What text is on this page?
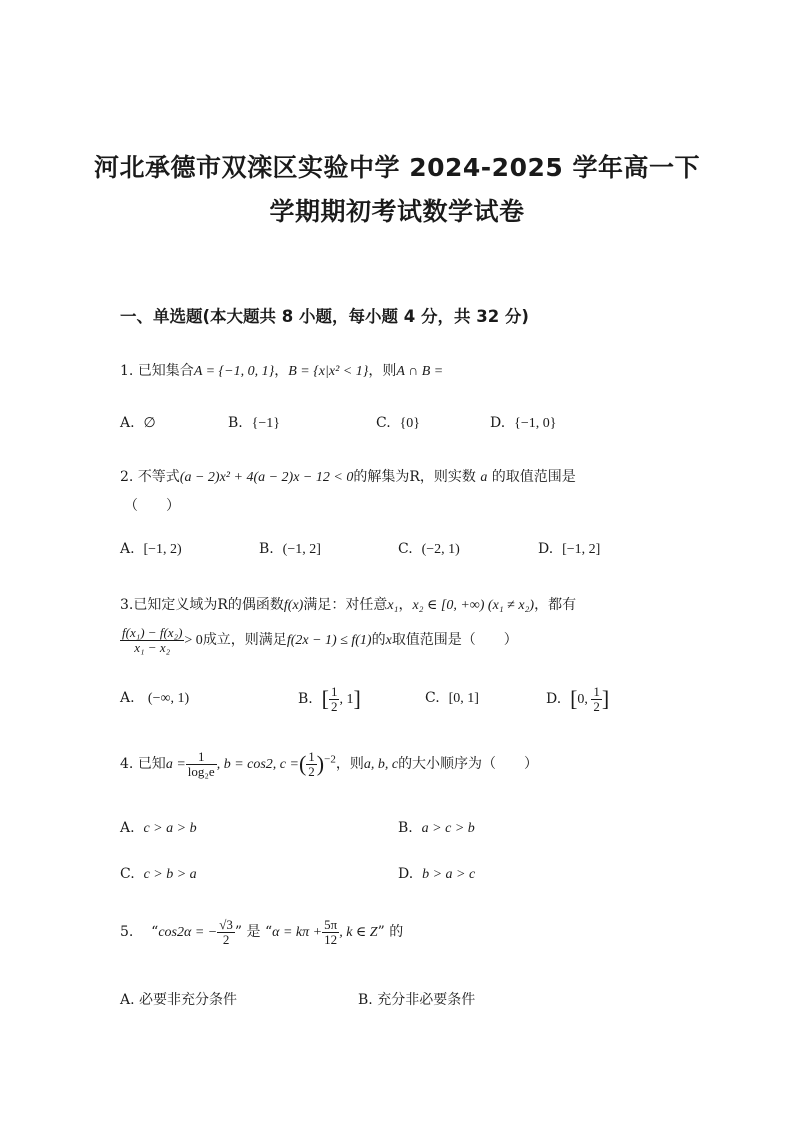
河北承德市双滦区实验中学 2024-2025 学年高一下
学期期初考试数学试卷
一、单选题(本大题共 8 小题，每小题 4 分，共 32 分)
1. 已知集合A = {−1, 0, 1}，B = {x|x² < 1}，则A ∩ B =
A. ∅	B. {−1}	C. {0}	D. {−1, 0}
2. 不等式(a − 2)x² + 4(a − 2)x − 12 < 0的解集为R，则实数 a 的取值范围是
（　　）
A. [−1, 2)	B. (−1, 2]	C. (−2, 1)	D. [−1, 2]
3.已知定义域为R的偶函数f(x)满足：对任意x₁，x₂ ∈ [0, +∞) (x₁ ≠ x₂)，都有
$\frac{\text{f(x₁) − f(x₂)}}{\text{x₁ − x₂}} > 0$成立，则满足f(2x − 1) ≤ f(1)的x取值范围是（　　）
A. (−∞, 1)	B. [ $\frac{1}{2}$ , 1]	C. [0, 1]	D. [0, $\frac{1}{2}$ ]
4. 已知$a = \frac{1}{\text{log₂e}}$ , b = cos2, c =( $\frac{1}{2} )^{-2}$，则a, b, c的大小顺序为（　　）
A. c > a > b	B. a > c > b
C. c > b > a	D. b > a > c
5. “cos2α = − $\frac{√3}{2}$ ” 是 “$\alpha = k\pi + \frac{5\pi}{12}$ , k ∈ Z” 的
A. 必要非充分条件	B. 充分非必要条件
